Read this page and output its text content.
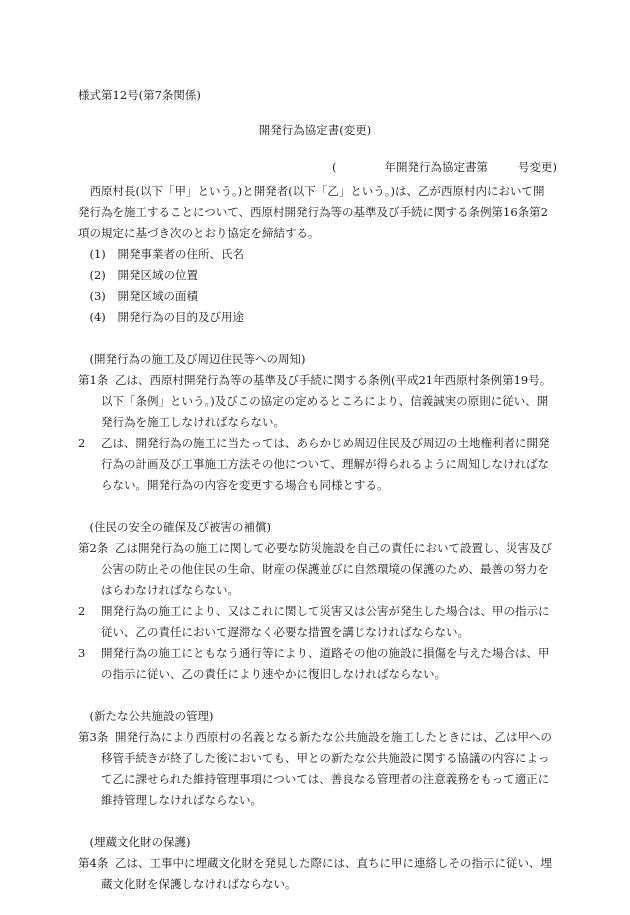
様式第12号(第7条関係)
開発行為協定書(変更)
(	年開発行為協定書第	号変更)

西原村長(以下「甲」という。)と開発者(以下「乙」という。)は、乙が西原村内において開発行為を施工することについて、西原村開発行為等の基準及び手続に関する条例第16条第2項の規定に基づき次のとおり協定を締結する。

(1) 開発事業者の住所、氏名
(2) 開発区域の位置
(3) 開発区域の面積
(4) 開発行為の目的及び用途
(開発行為の施工及び周辺住民等への周知)
第1条 乙は、西原村開発行為等の基準及び手続に関する条例(平成21年西原村条例第19号。以下「条例」という。)及びこの協定の定めるところにより、信義誠実の原則に従い、開発行為を施工しなければならない。
2 乙は、開発行為の施工に当たっては、あらかじめ周辺住民及び周辺の土地権利者に開発行為の計画及び工事施工方法その他について、理解が得られるように周知しなければならない。開発行為の内容を変更する場合も同様とする。
(住民の安全の確保及び被害の補償)
第2条 乙は開発行為の施工に関して必要な防災施設を自己の責任において設置し、災害及び公害の防止その他住民の生命、財産の保護並びに自然環境の保護のため、最善の努力をはらわなければならない。
2 開発行為の施工により、又はこれに関して災害又は公害が発生した場合は、甲の指示に従い、乙の責任において遅滞なく必要な措置を講じなければならない。
3 開発行為の施工にともなう通行等により、道路その他の施設に損傷を与えた場合は、甲の指示に従い、乙の責任により速やかに復旧しなければならない。
(新たな公共施設の管理)
第3条 開発行為により西原村の名義となる新たな公共施設を施工したときには、乙は甲への移管手続きが終了した後においても、甲との新たな公共施設に関する協議の内容によって乙に課せられた維持管理事項については、善良なる管理者の注意義務をもって適正に維持管理しなければならない。
(埋蔵文化財の保護)
第4条 乙は、工事中に埋蔵文化財を発見した際には、直ちに甲に連絡しその指示に従い、埋蔵文化財を保護しなければならない。
